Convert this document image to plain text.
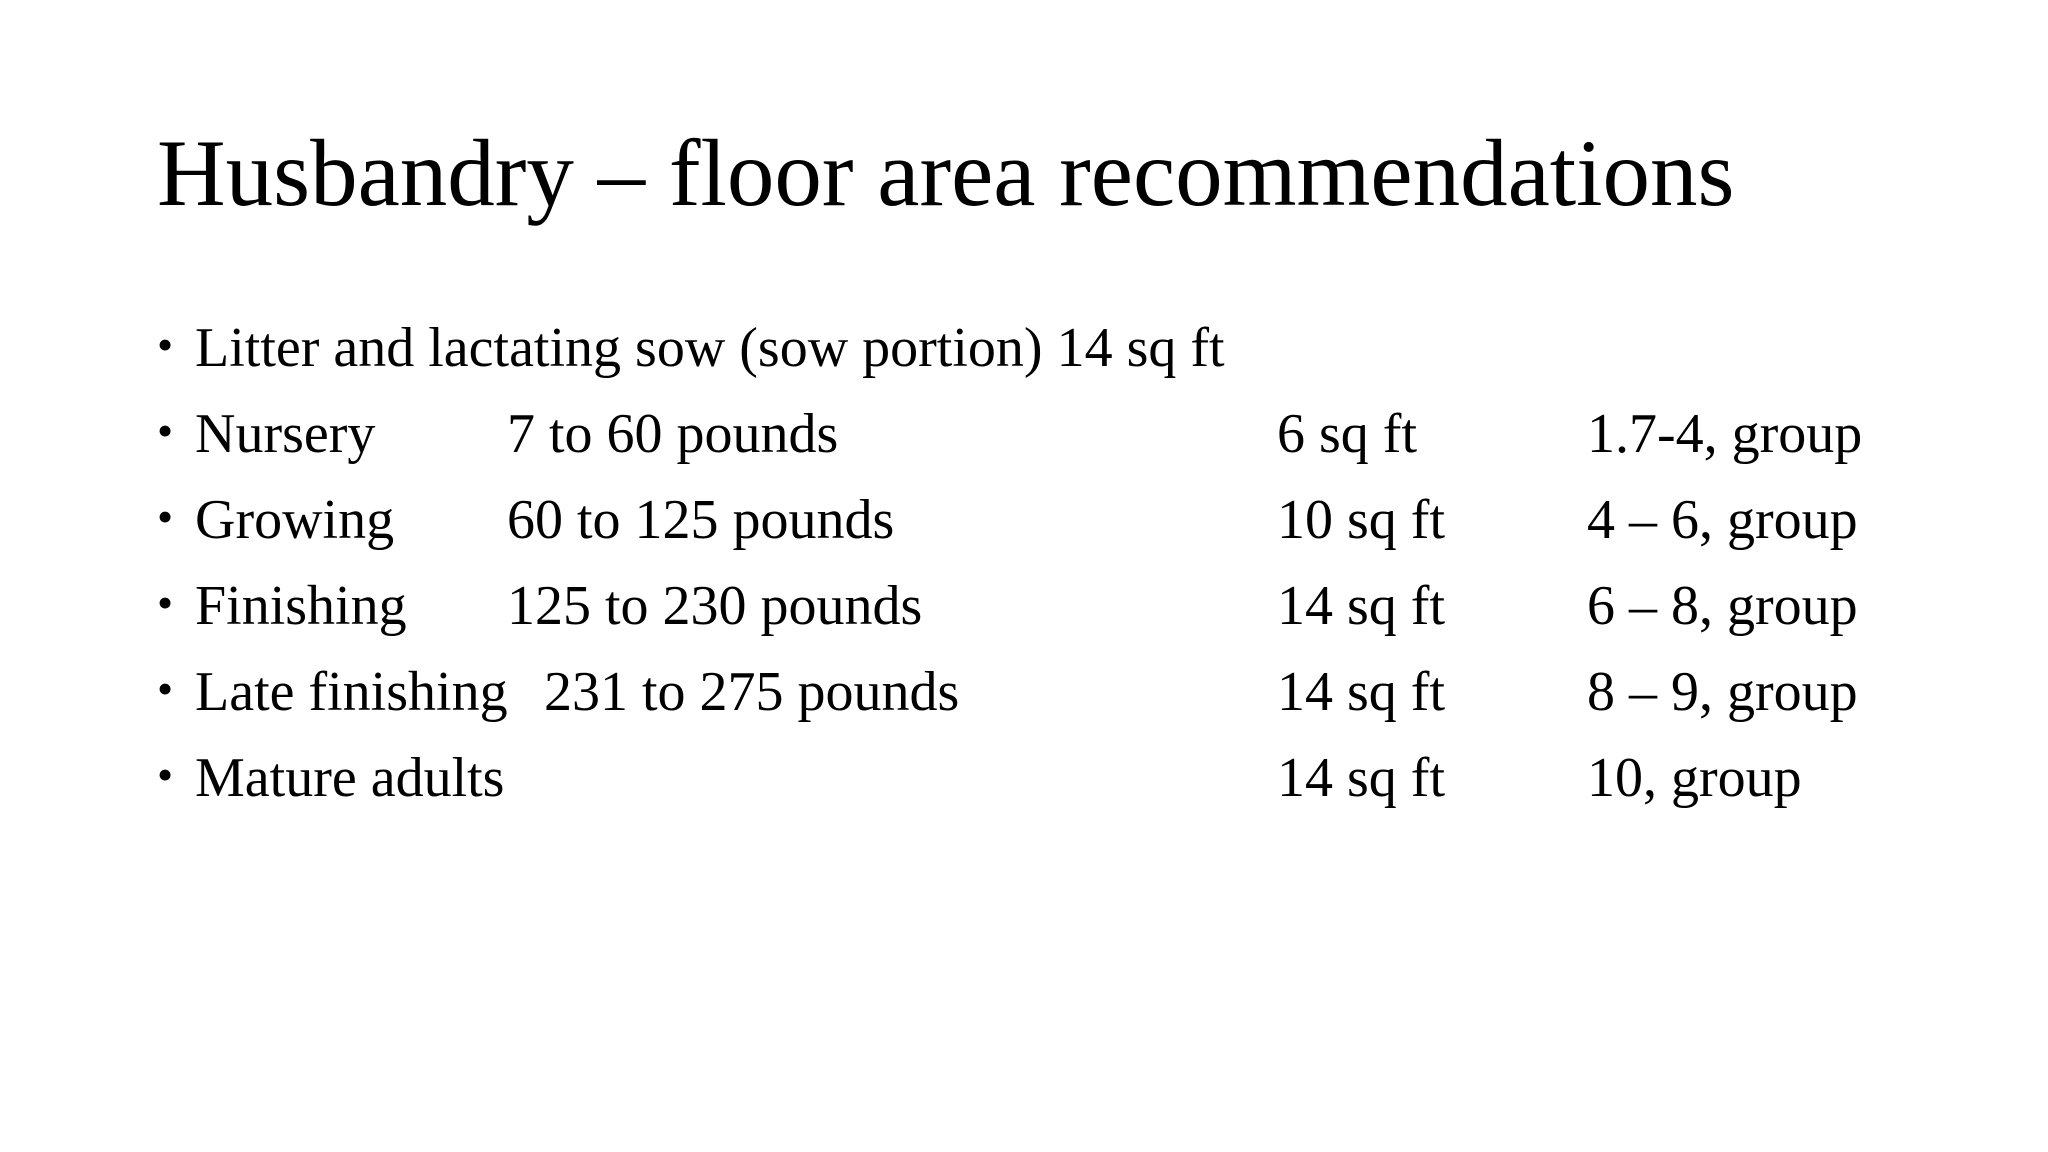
Husbandry – floor area recommendations
• Litter and lactating sow (sow portion) 14 sq ft
• Nursery 7 to 60 pounds	6 sq ft	1.7-4, group
• Growing 60 to 125 pounds	10 sq ft	4 – 6, group
• Finishing 125 to 230 pounds	14 sq ft	6 – 8, group
• Late finishing 231 to 275 pounds	14 sq ft	8 – 9, group
• Mature adults	14 sq ft	10, group
